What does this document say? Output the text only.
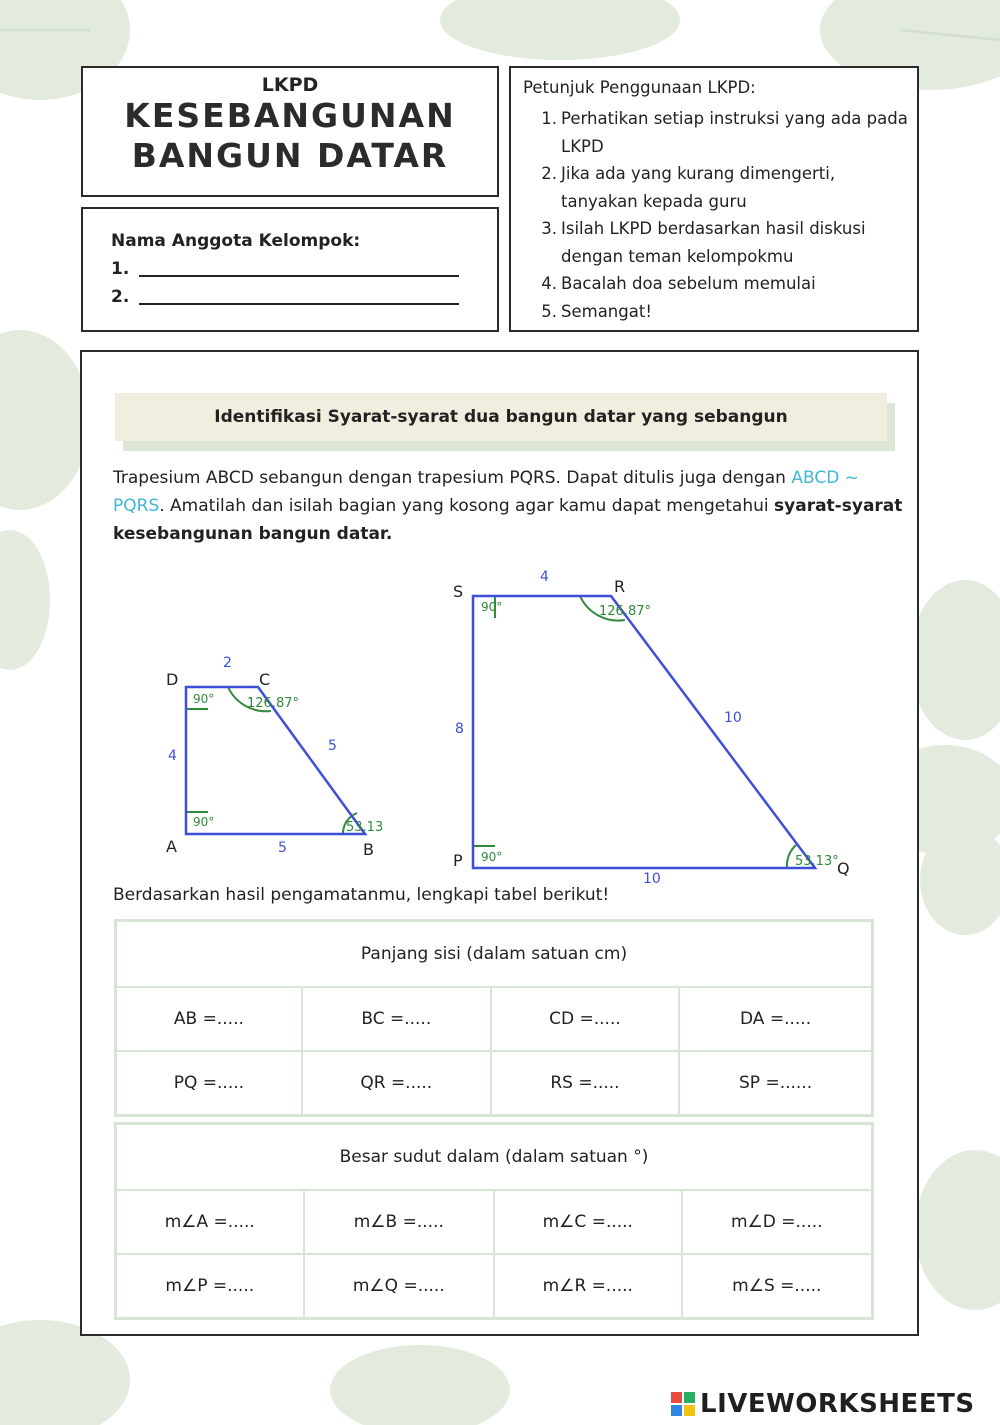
LKPD
KESEBANGUNAN
BANGUN DATAR
Nama Anggota Kelompok:
1.
2.
Petunjuk Penggunaan LKPD:
1. Perhatikan setiap instruksi yang ada pada LKPD
2. Jika ada yang kurang dimengerti, tanyakan kepada guru
3. Isilah LKPD berdasarkan hasil diskusi dengan teman kelompokmu
4. Bacalah doa sebelum memulai
5. Semangat!
Identifikasi Syarat-syarat dua bangun datar yang sebangun
Trapesium ABCD sebangun dengan trapesium PQRS. Dapat ditulis juga dengan ABCD ~ PQRS. Amatilah dan isilah bagian yang kosong agar kamu dapat mengetahui syarat-syarat kesebangunan bangun datar.
D	C
A	B
2
4
5
5
90°
90°
126.87°
53.13
S	R
P	Q
4
8
10
10
90°
90°
126.87°
53.13°
Berdasarkan hasil pengamatanmu, lengkapi tabel berikut!
Panjang sisi (dalam satuan cm)			
AB =.....	BC =.....	CD =.....	DA =.....
PQ =.....	QR =.....	RS =.....	SP =......
Besar sudut dalam (dalam satuan °)			
m∠A =.....	m∠B =.....	m∠C =.....	m∠D =.....
m∠P =.....	m∠Q =.....	m∠R =.....	m∠S =.....
LIVEWORKSHEETS
